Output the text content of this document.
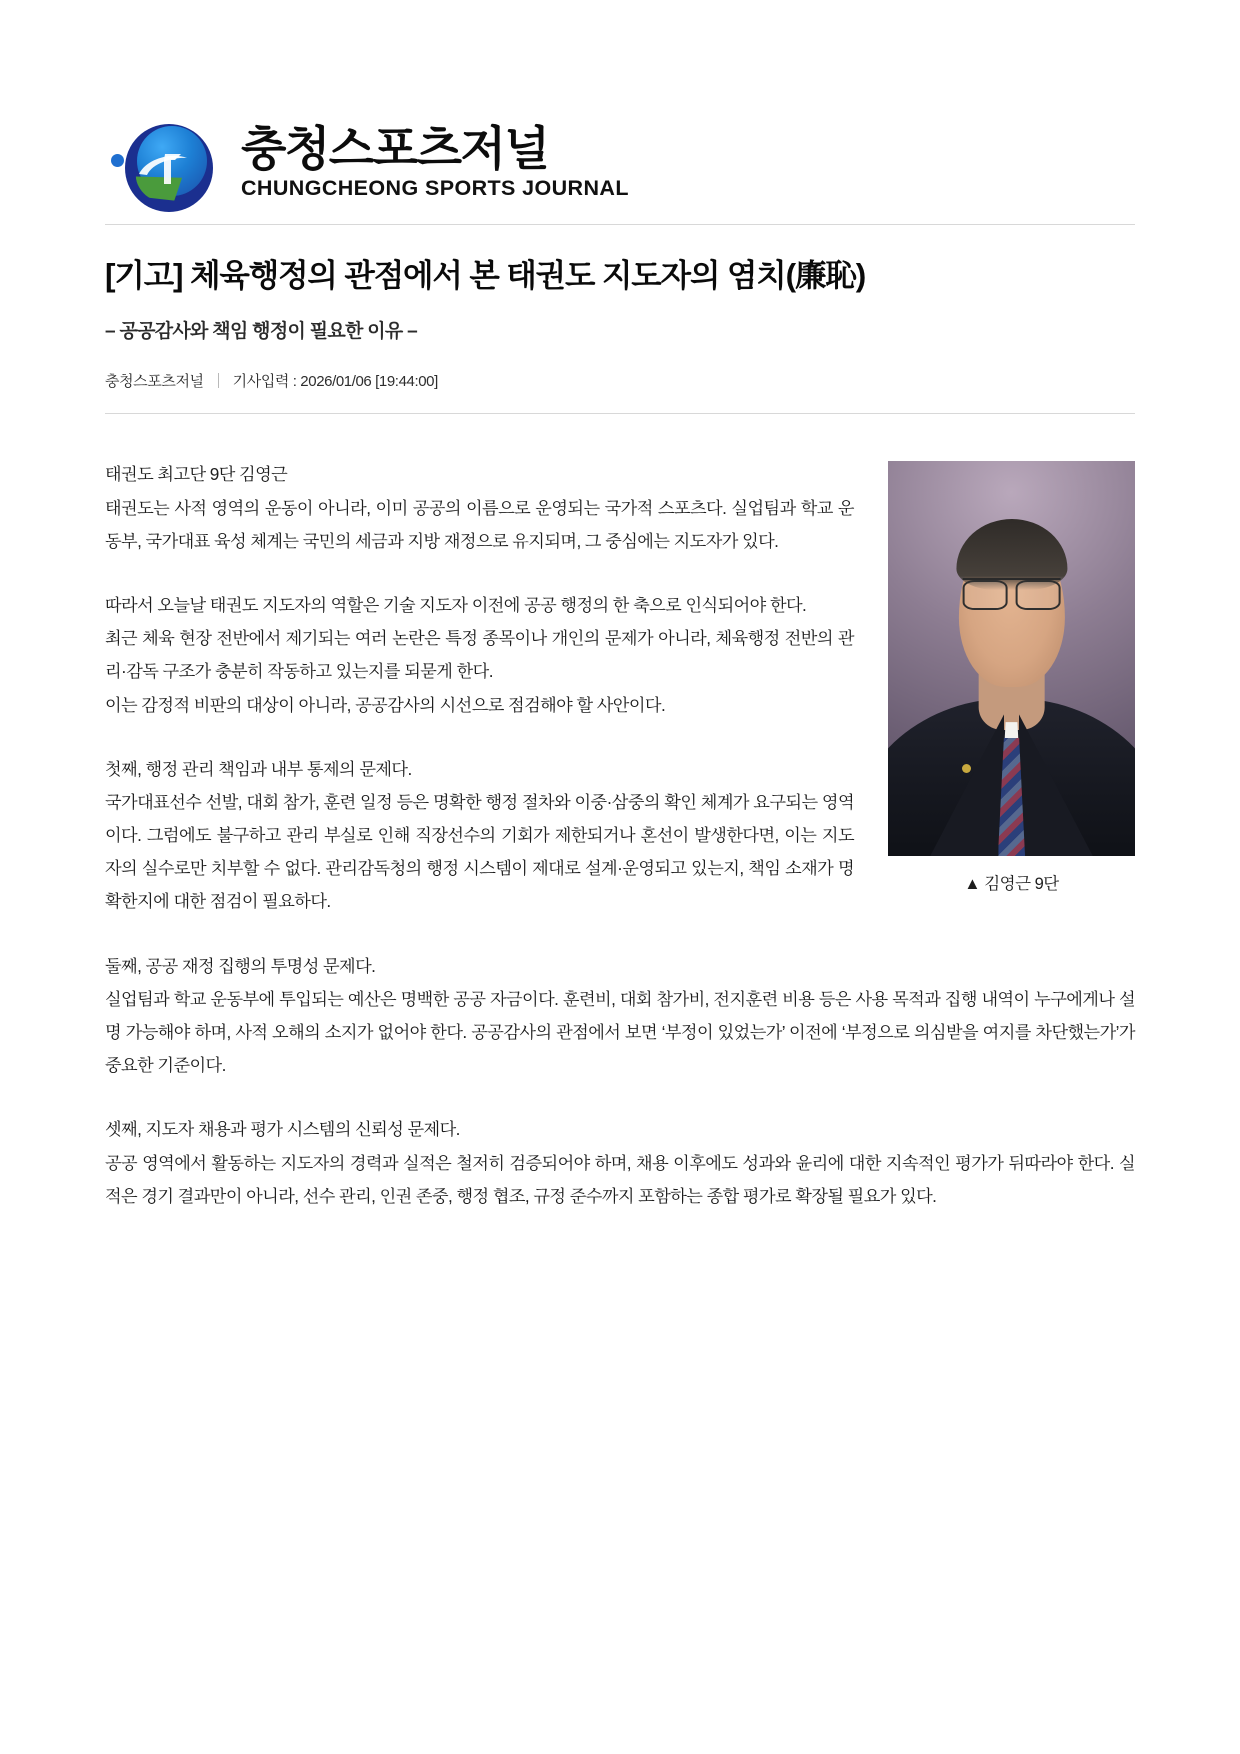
충청스포츠저널
CHUNGCHEONG SPORTS JOURNAL
[기고] 체육행정의 관점에서 본 태권도 지도자의 염치(廉恥)
– 공공감사와 책임 행정이 필요한 이유 –
충청스포츠저널 기사입력 : 2026/01/06 [19:44:00]
▲ 김영근 9단

태권도 최고단 9단 김영근

태권도는 사적 영역의 운동이 아니라, 이미 공공의 이름으로 운영되는 국가적 스포츠다. 실업팀과 학교 운동부, 국가대표 육성 체계는 국민의 세금과 지방 재정으로 유지되며, 그 중심에는 지도자가 있다.

따라서 오늘날 태권도 지도자의 역할은 기술 지도자 이전에 공공 행정의 한 축으로 인식되어야 한다.

최근 체육 현장 전반에서 제기되는 여러 논란은 특정 종목이나 개인의 문제가 아니라, 체육행정 전반의 관리·감독 구조가 충분히 작동하고 있는지를 되묻게 한다.

이는 감정적 비판의 대상이 아니라, 공공감사의 시선으로 점검해야 할 사안이다.

첫째, 행정 관리 책임과 내부 통제의 문제다.

국가대표선수 선발, 대회 참가, 훈련 일정 등은 명확한 행정 절차와 이중·삼중의 확인 체계가 요구되는 영역이다. 그럼에도 불구하고 관리 부실로 인해 직장선수의 기회가 제한되거나 혼선이 발생한다면, 이는 지도자의 실수로만 치부할 수 없다. 관리감독청의 행정 시스템이 제대로 설계·운영되고 있는지, 책임 소재가 명확한지에 대한 점검이 필요하다.

둘째, 공공 재정 집행의 투명성 문제다.

실업팀과 학교 운동부에 투입되는 예산은 명백한 공공 자금이다. 훈련비, 대회 참가비, 전지훈련 비용 등은 사용 목적과 집행 내역이 누구에게나 설명 가능해야 하며, 사적 오해의 소지가 없어야 한다. 공공감사의 관점에서 보면 ‘부정이 있었는가’ 이전에 ‘부정으로 의심받을 여지를 차단했는가’가 중요한 기준이다.

셋째, 지도자 채용과 평가 시스템의 신뢰성 문제다.

공공 영역에서 활동하는 지도자의 경력과 실적은 철저히 검증되어야 하며, 채용 이후에도 성과와 윤리에 대한 지속적인 평가가 뒤따라야 한다. 실적은 경기 결과만이 아니라, 선수 관리, 인권 존중, 행정 협조, 규정 준수까지 포함하는 종합 평가로 확장될 필요가 있다.
